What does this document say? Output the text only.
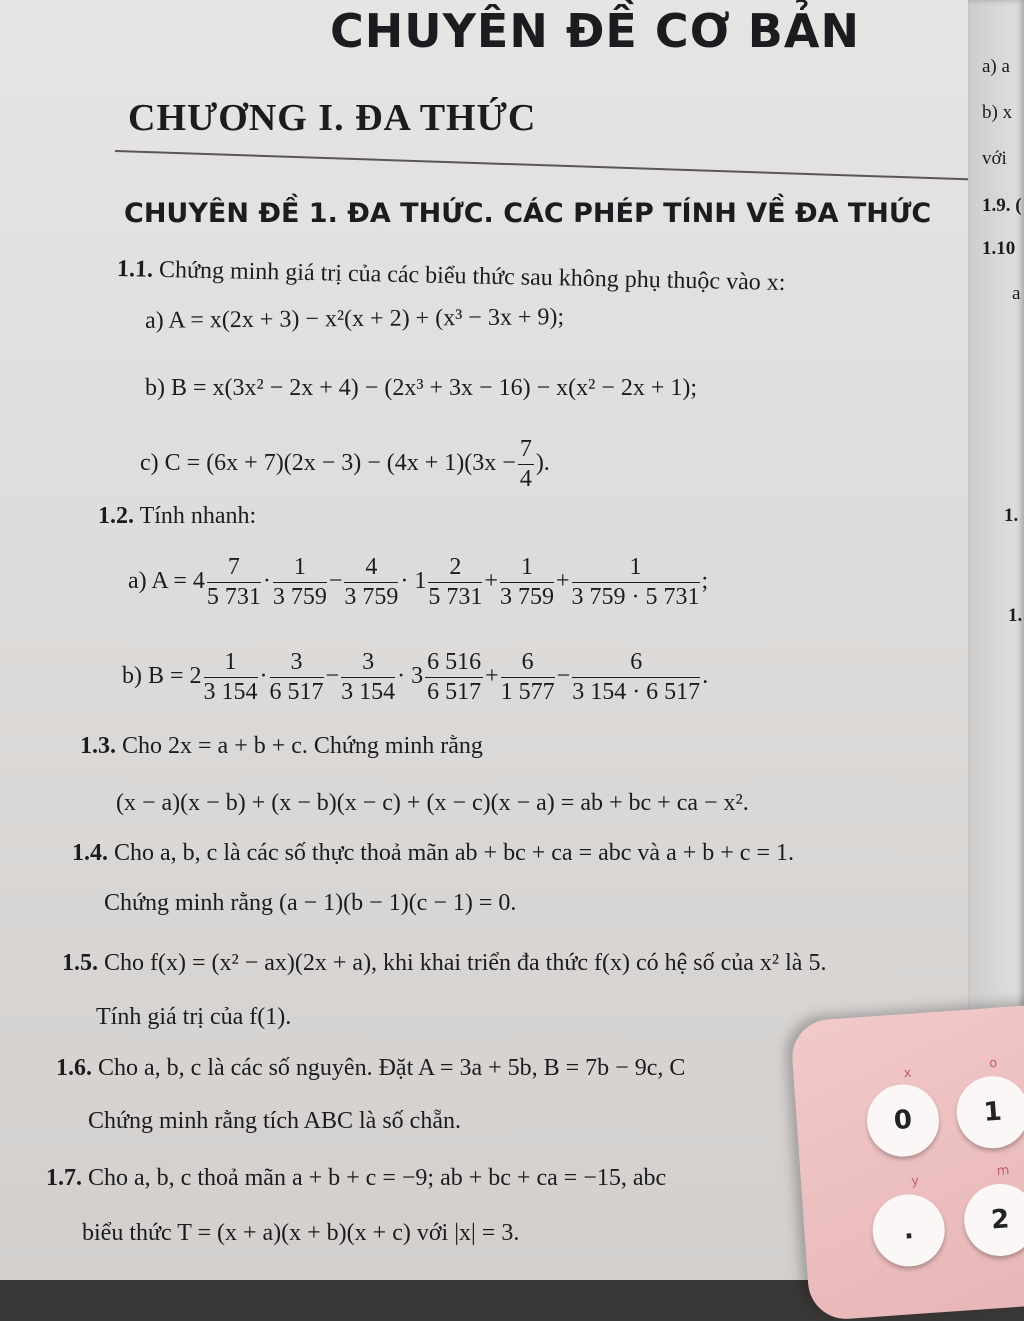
CHUYÊN ĐỀ CƠ BẢN
CHƯƠNG I. ĐA THỨC
CHUYÊN ĐỀ 1. ĐA THỨC. CÁC PHÉP TÍNH VỀ ĐA THỨC
1.1. Chứng minh giá trị của các biểu thức sau không phụ thuộc vào x:
a) A = x(2x + 3) − x²(x + 2) + (x³ − 3x + 9);
b) B = x(3x² − 2x + 4) − (2x³ + 3x − 16) − x(x² − 2x + 1);
c) $C = (6x + 7)(2x - 3) - (4x + 1)(3x - \frac{7}{4}$ ).
1.2. Tính nhanh:
a) $A = 4 \frac{7}{5 731} \cdot \frac{1}{3 759} - \frac{4}{3 759} \cdot 1 \frac{2}{5 731} + \frac{1}{3 759} + \frac{1}{3 759 \cdot 5 731}$ ;
b) $B = 2 \frac{1}{3 154} \cdot \frac{3}{6 517} - \frac{3}{3 154} \cdot 3 \frac{6 516}{6 517} + \frac{6}{1 577} - \frac{6}{3 154 \cdot 6 517}$ .
1.3. Cho 2x = a + b + c. Chứng minh rằng
(x − a)(x − b) + (x − b)(x − c) + (x − c)(x − a) = ab + bc + ca − x².
1.4. Cho a, b, c là các số thực thoả mãn ab + bc + ca = abc và a + b + c = 1.
Chứng minh rằng (a − 1)(b − 1)(c − 1) = 0.
1.5. Cho f(x) = (x² − ax)(2x + a), khi khai triển đa thức f(x) có hệ số của x² là 5.
Tính giá trị của f(1).
1.6. Cho a, b, c là các số nguyên. Đặt A = 3a + 5b, B = 7b − 9c, C
Chứng minh rằng tích ABC là số chẵn.
1.7. Cho a, b, c thoả mãn a + b + c = −9; ab + bc + ca = −15, abc
biểu thức T = (x + a)(x + b)(x + c) với |x| = 3.
a) a
b) x
với
1.9. (
1.10
a
1.
1.
x
o
0	1
y
m
.	2
